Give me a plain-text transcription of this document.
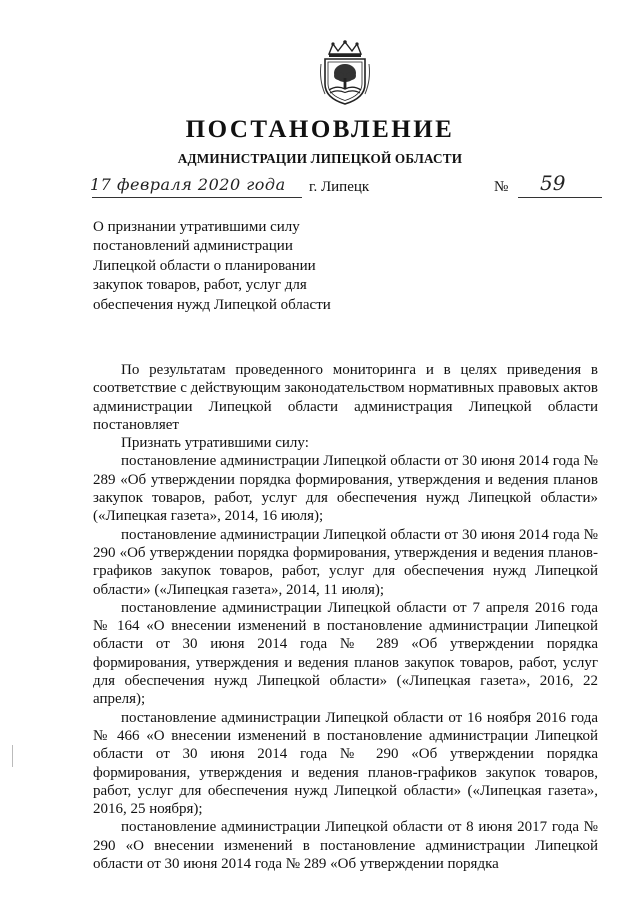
ПОСТАНОВЛЕНИЕ
АДМИНИСТРАЦИИ ЛИПЕЦКОЙ ОБЛАСТИ
17 февраля 2020 года г. Липецк	№ 59
О признании утратившими силу
постановлений администрации
Липецкой области о планировании
закупок товаров, работ, услуг для
обеспечения нужд Липецкой области

По результатам проведенного мониторинга и в целях приведения в соответствие с действующим законодательством нормативных правовых актов администрации Липецкой области администрация Липецкой области постановляет

Признать утратившими силу:

постановление администрации Липецкой области от 30 июня 2014 года № 289 «Об утверждении порядка формирования, утверждения и ведения планов закупок товаров, работ, услуг для обеспечения нужд Липецкой области» («Липецкая газета», 2014, 16 июля);

постановление администрации Липецкой области от 30 июня 2014 года № 290 «Об утверждении порядка формирования, утверждения и ведения планов-графиков закупок товаров, работ, услуг для обеспечения нужд Липецкой области» («Липецкая газета», 2014, 11 июля);

постановление администрации Липецкой области от 7 апреля 2016 года № 164 «О внесении изменений в постановление администрации Липецкой области от 30 июня 2014 года № 289 «Об утверждении порядка формирования, утверждения и ведения планов закупок товаров, работ, услуг для обеспечения нужд Липецкой области» («Липецкая газета», 2016, 22 апреля);

постановление администрации Липецкой области от 16 ноября 2016 года № 466 «О внесении изменений в постановление администрации Липецкой области от 30 июня 2014 года № 290 «Об утверждении порядка формирования, утверждения и ведения планов-графиков закупок товаров, работ, услуг для обеспечения нужд Липецкой области» («Липецкая газета», 2016, 25 ноября);

постановление администрации Липецкой области от 8 июня 2017 года № 290 «О внесении изменений в постановление администрации Липецкой области от 30 июня 2014 года № 289 «Об утверждении порядка
